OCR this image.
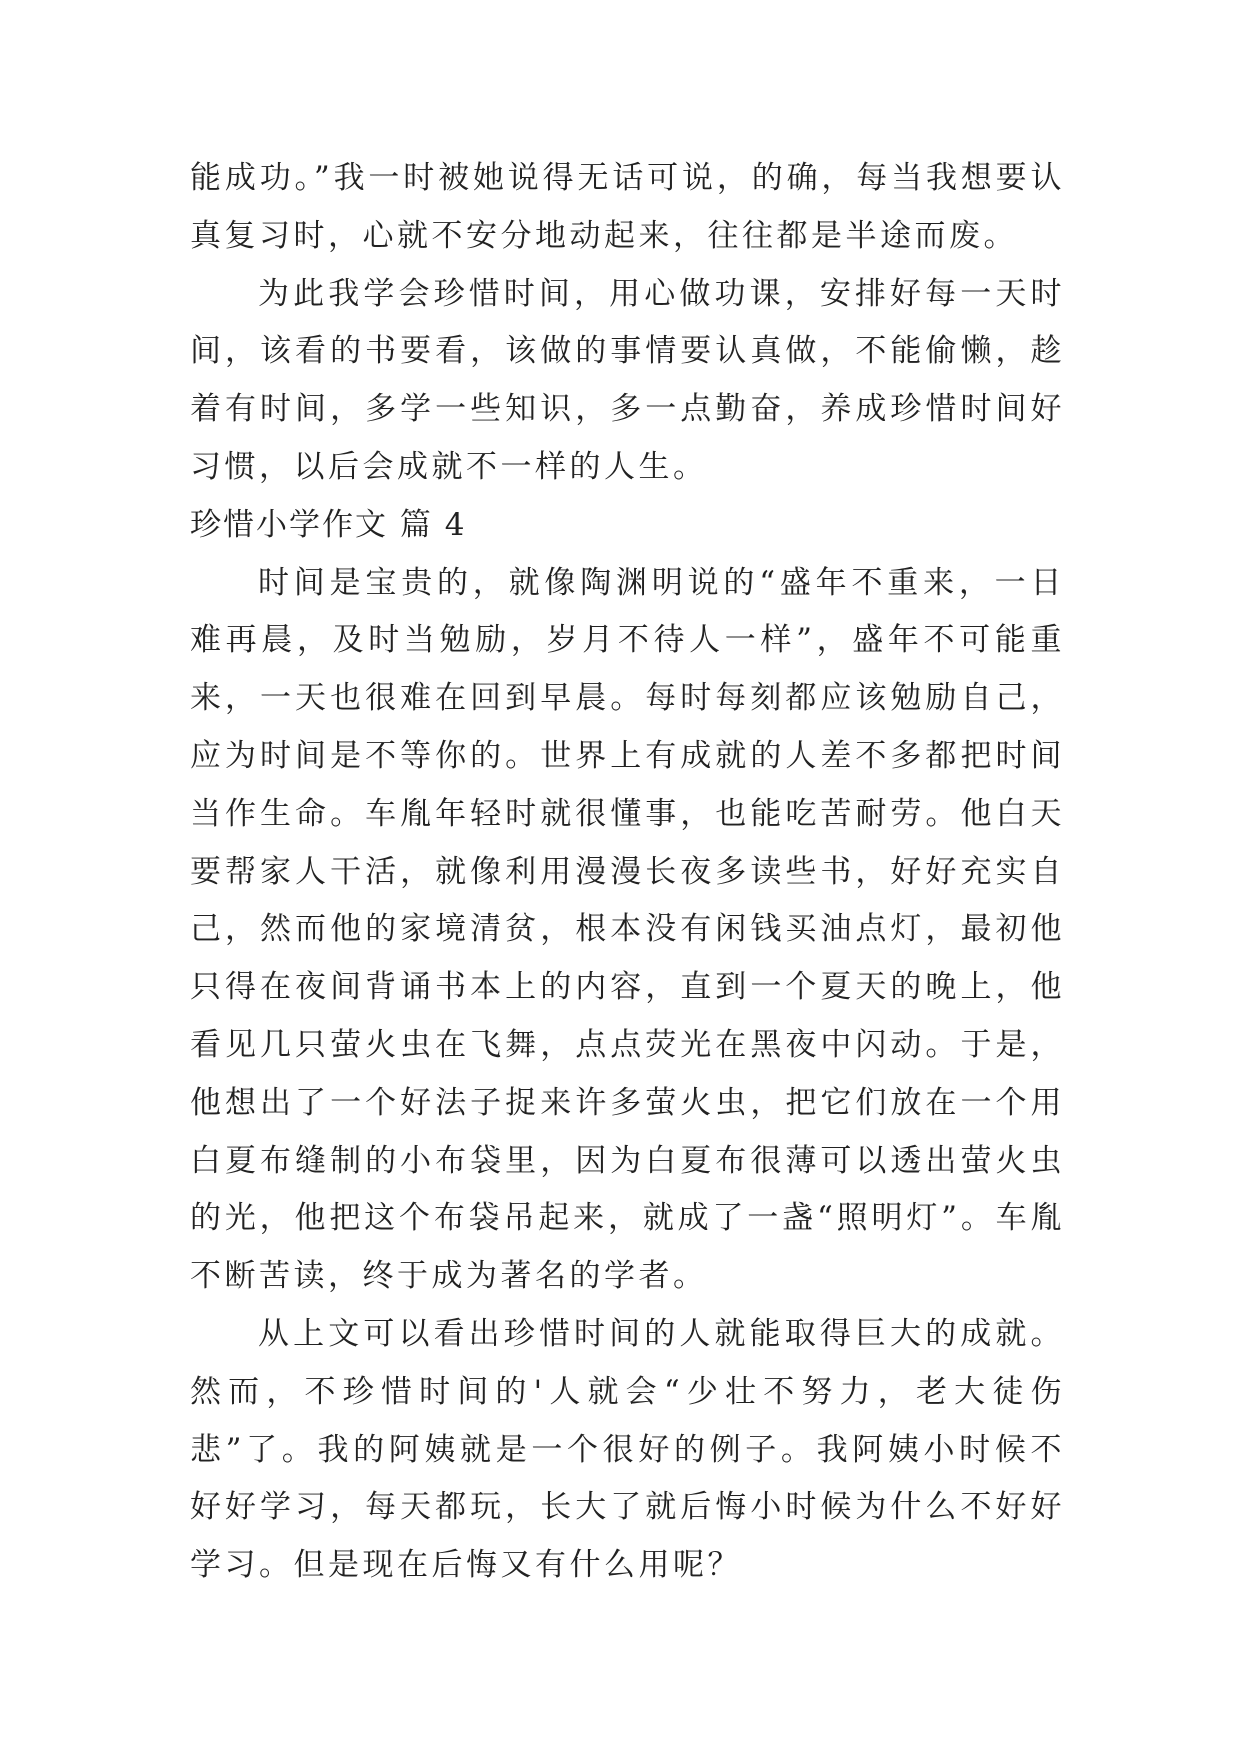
能成功。”我一时被她说得无话可说，的确，每当我想要认真复习时，心就不安分地动起来，往往都是半途而废。

为此我学会珍惜时间，用心做功课，安排好每一天时间，该看的书要看，该做的事情要认真做，不能偷懒，趁着有时间，多学一些知识，多一点勤奋，养成珍惜时间好习惯，以后会成就不一样的人生。

珍惜小学作文 篇 4

时间是宝贵的，就像陶渊明说的“盛年不重来，一日难再晨，及时当勉励，岁月不待人一样”，盛年不可能重来，一天也很难在回到早晨。每时每刻都应该勉励自己，应为时间是不等你的。世界上有成就的人差不多都把时间当作生命。车胤年轻时就很懂事，也能吃苦耐劳。他白天要帮家人干活，就像利用漫漫长夜多读些书，好好充实自己，然而他的家境清贫，根本没有闲钱买油点灯，最初他只得在夜间背诵书本上的内容，直到一个夏天的晚上，他看见几只萤火虫在飞舞，点点荧光在黑夜中闪动。于是，他想出了一个好法子捉来许多萤火虫，把它们放在一个用白夏布缝制的小布袋里，因为白夏布很薄可以透出萤火虫的光，他把这个布袋吊起来，就成了一盏“照明灯”。车胤不断苦读，终于成为著名的学者。

从上文可以看出珍惜时间的人就能取得巨大的成就。然而，不珍惜时间的'人就会“少壮不努力，老大徒伤悲”了。我的阿姨就是一个很好的例子。我阿姨小时候不好好学习，每天都玩，长大了就后悔小时候为什么不好好学习。但是现在后悔又有什么用呢？
